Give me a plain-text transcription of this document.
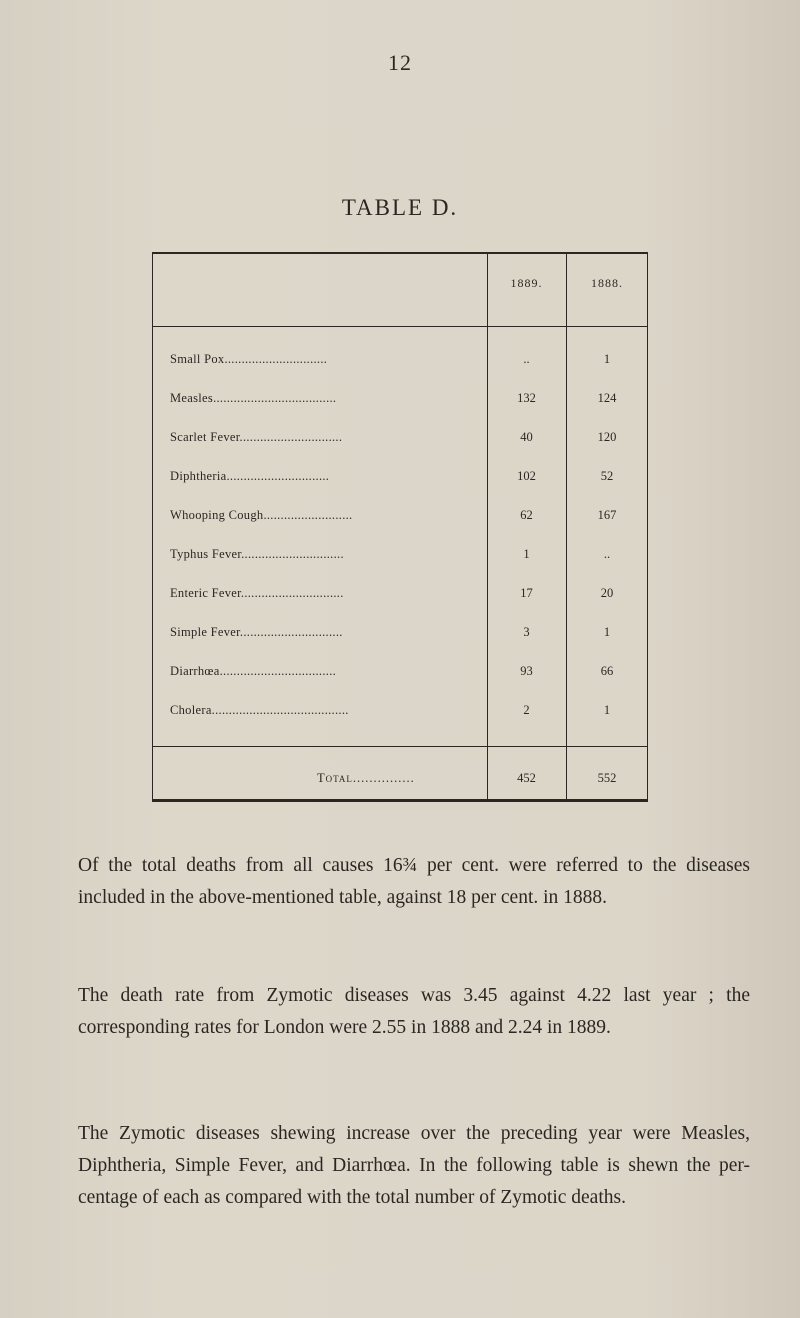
12
TABLE D.
1889.	1888.
Small Pox..............................	..	1
Measles....................................	132	124
Scarlet Fever..............................	40	120
Diphtheria..............................	102	52
Whooping Cough..........................	62	167
Typhus Fever..............................	1	..
Enteric Fever..............................	17	20
Simple Fever..............................	3	1
Diarrhœa..................................	93	66
Cholera........................................	2	1
Total...............	452	552

Of the total deaths from all causes 16¾ per cent. were referred to the diseases included in the above-mentioned table, against 18 per cent. in 1888.

The death rate from Zymotic diseases was 3.45 against 4.22 last year ; the corresponding rates for London were 2.55 in 1888 and 2.24 in 1889.

The Zymotic diseases shewing increase over the preceding year were Measles, Diphtheria, Simple Fever, and Diarrhœa. In the following table is shewn the per-centage of each as compared with the total number of Zymotic deaths.
